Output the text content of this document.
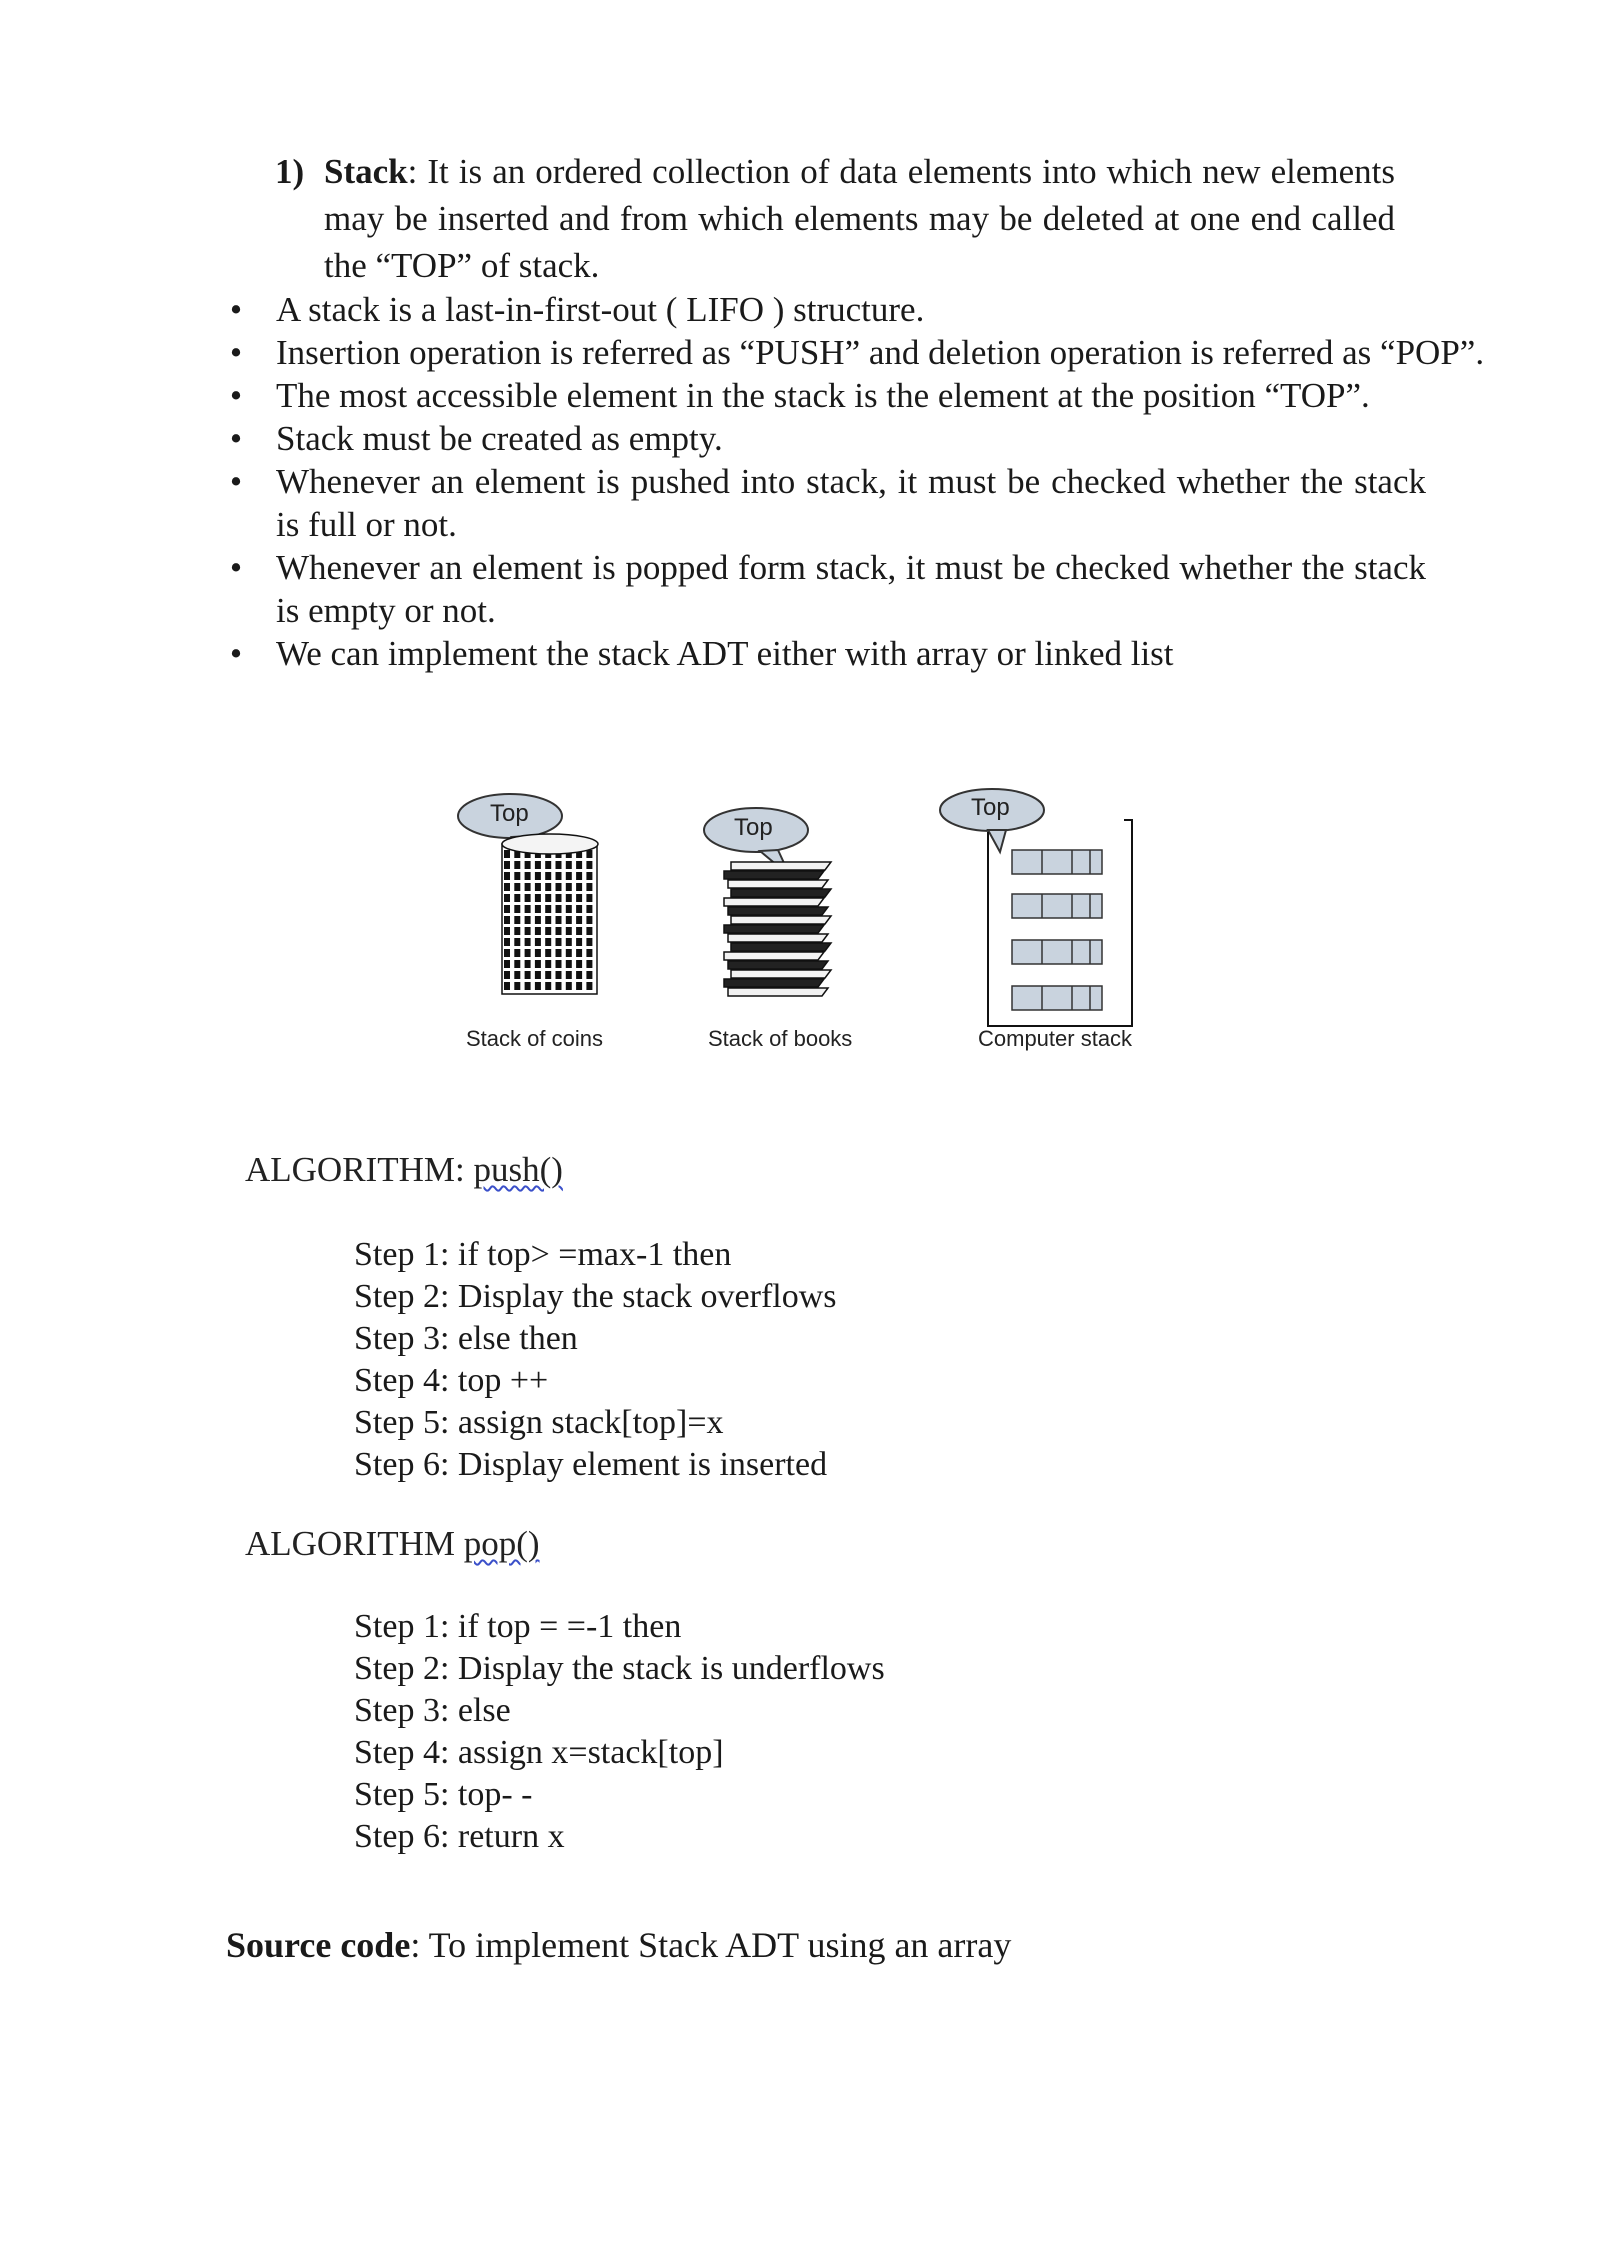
1) Stack: It is an ordered collection of data elements into which new elements may be inserted and from which elements may be deleted at one end called the “TOP” of stack.
• A stack is a last-in-first-out ( LIFO ) structure.
• Insertion operation is referred as “PUSH” and deletion operation is referred as “POP”.
• The most accessible element in the stack is the element at the position “TOP”.
• Stack must be created as empty.
• Whenever an element is pushed into stack, it must be checked whether the stack is full or not.
• Whenever an element is popped form stack, it must be checked whether the stack is empty or not.
• We can implement the stack ADT either with array or linked list
Top
Top
Top
Stack of coins	Stack of books	Computer stack
ALGORITHM: push()
Step 1: if top> =max-1 then
Step 2: Display the stack overflows
Step 3: else then
Step 4: top ++
Step 5: assign stack[top]=x
Step 6: Display element is inserted
ALGORITHM pop()
Step 1: if top = =-1 then
Step 2: Display the stack is underflows
Step 3: else
Step 4: assign x=stack[top]
Step 5: top- -
Step 6: return x
Source code: To implement Stack ADT using an array
